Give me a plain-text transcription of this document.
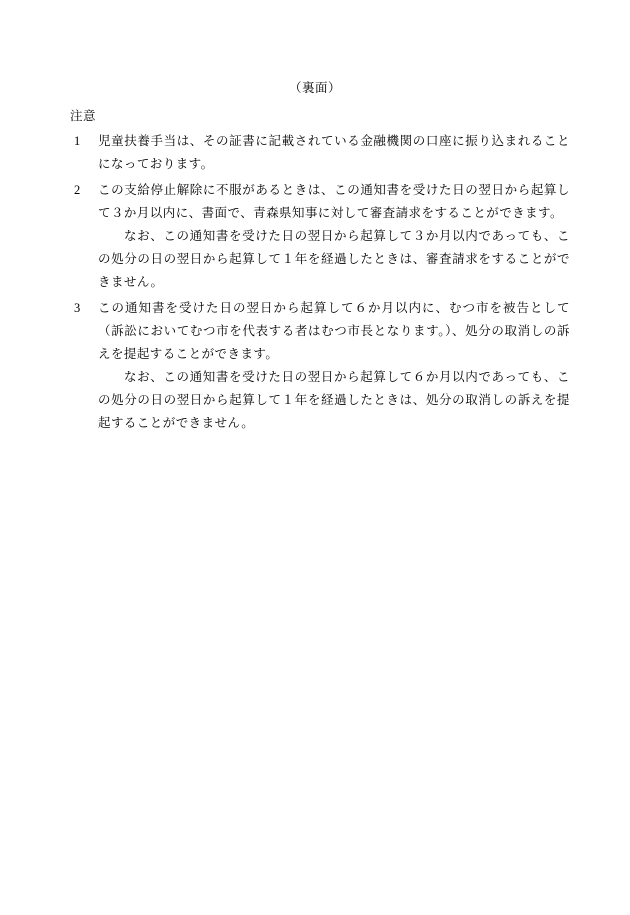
（裏面）
注意
1	児童扶養手当は、その証書に記載されている金融機関の口座に振り込まれることになっております。
2	この支給停止解除に不服があるときは、この通知書を受けた日の翌日から起算して３か月以内に、書面で、青森県知事に対して審査請求をすることができます。
なお、この通知書を受けた日の翌日から起算して３か月以内であっても、この処分の日の翌日から起算して１年を経過したときは、審査請求をすることができません。
3	この通知書を受けた日の翌日から起算して６か月以内に、むつ市を被告として（訴訟においてむつ市を代表する者はむつ市長となります。）、処分の取消しの訴えを提起することができます。
なお、この通知書を受けた日の翌日から起算して６か月以内であっても、この処分の日の翌日から起算して１年を経過したときは、処分の取消しの訴えを提起することができません。
